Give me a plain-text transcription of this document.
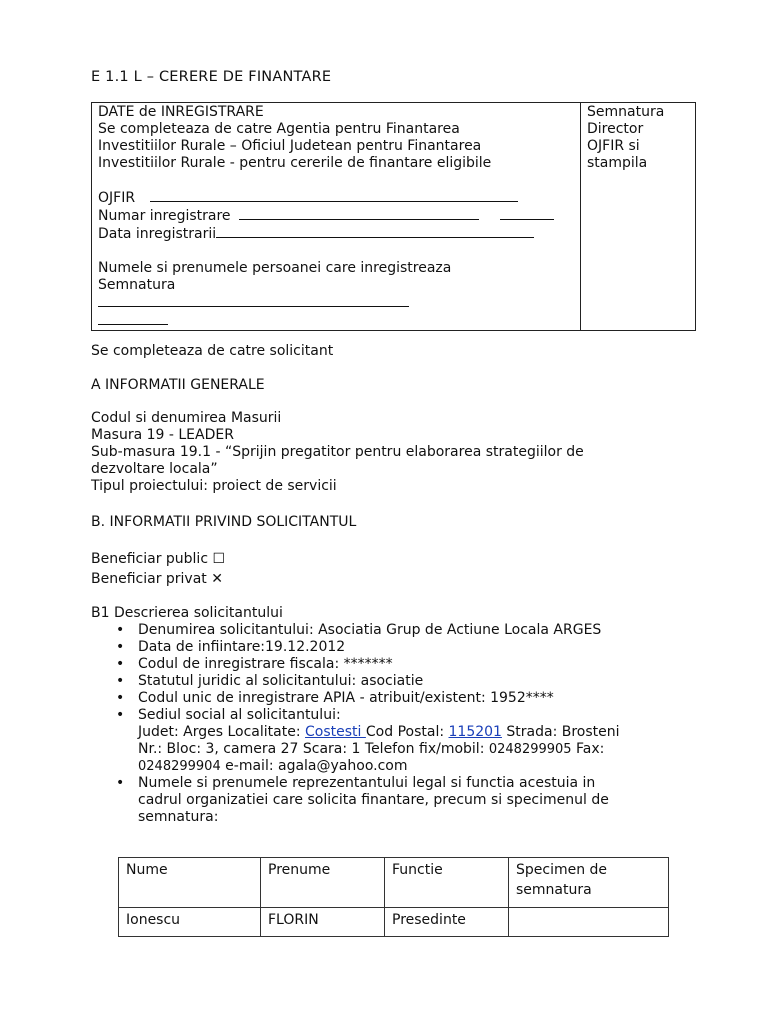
E 1.1 L – CERERE DE FINANTARE
DATE de INREGISTRARE
Se completeaza de catre Agentia pentru Finantarea
Investitiilor Rurale – Oficiul Judetean pentru Finantarea
Investitiilor Rurale - pentru cererile de finantare eligibile
OJFIR
Numar inregistrare
Data inregistrarii
Numele si prenumele persoanei care inregistreaza
Semnatura

Semnatura
Director
OJFIR si
stampila
Se completeaza de catre solicitant
A INFORMATII GENERALE
Codul si denumirea Masurii
Masura 19 - LEADER
Sub-masura 19.1 - “Sprijin pregatitor pentru elaborarea strategiilor de
dezvoltare locala”
Tipul proiectului: proiect de servicii
B. INFORMATII PRIVIND SOLICITANTUL
Beneficiar public ☐
Beneficiar privat ✕
B1 Descrierea solicitantului
• Denumirea solicitantului: Asociatia Grup de Actiune Locala ARGES
• Data de infiintare:19.12.2012
• Codul de inregistrare fiscala: *******
• Statutul juridic al solicitantului: asociatie
• Codul unic de inregistrare APIA - atribuit/existent: 1952****
• Sediul social al solicitantului:
Judet: Arges Localitate: Costesti Cod Postal: 115201 Strada: Brosteni
Nr.: Bloc: 3, camera 27 Scara: 1 Telefon fix/mobil: 0248299905 Fax:
0248299904 e-mail: agala@yahoo.com
• Numele si prenumele reprezentantului legal si functia acestuia in
cadrul organizatiei care solicita finantare, precum si specimenul de
semnatura:
Nume	Prenume	Functie	Specimen de semnatura
Ionescu	FLORIN	Presedinte	
